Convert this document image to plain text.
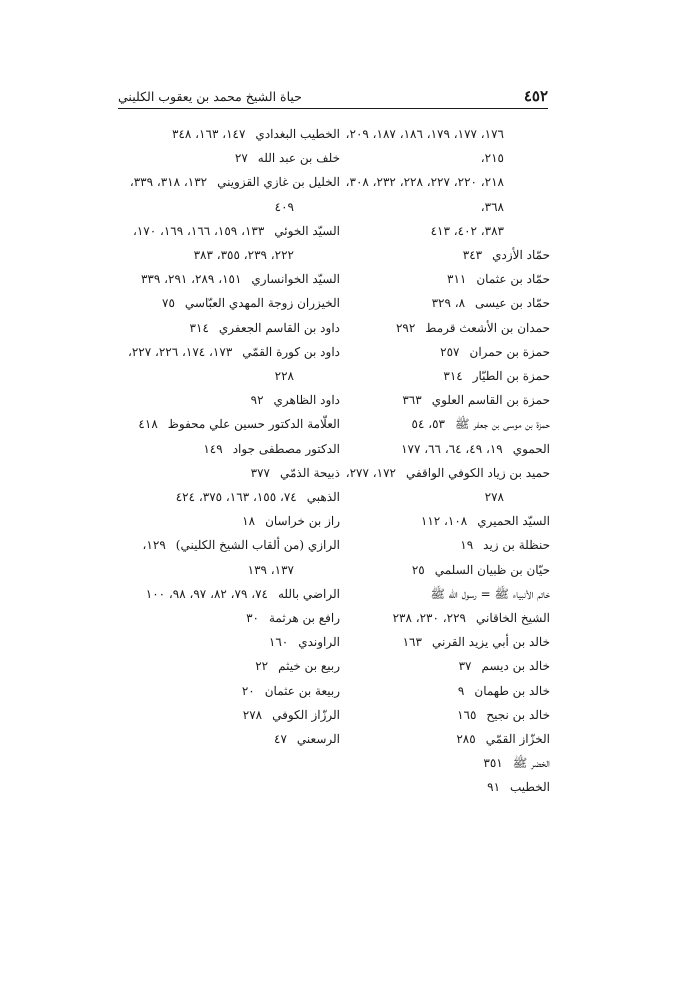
٤٥٢
حياة الشيخ محمد بن يعقوب الكليني
١٧٦، ١٧٧، ١٧٩، ١٨٦، ١٨٧، ٢٠٩، ٢١٥،
٢١٨، ٢٢٠، ٢٢٧، ٢٢٨، ٢٣٢، ٣٠٨، ٣٦٨،
٣٨٣، ٤٠٢، ٤١٣
حمّاد الأزدي٣٤٣
حمّاد بن عثمان٣١١
حمّاد بن عيسى٨، ٣٢٩
حمدان بن الأشعث قرمط٢٩٢
حمزة بن حمران٢٥٧
حمزة بن الطيّار٣١٤
حمزة بن القاسم العلوي٣٦٣
حمزة بن موسى بن جعفر ﷺ٥٣، ٥٤
الحموي١٩، ٤٩، ٦٤، ٦٦، ١٧٧
حميد بن زياد الكوفي الواقفي١٧٢، ٢٧٧،
٢٧٨
السيّد الحميري١٠٨، ١١٢
حنظلة بن زيد١٩
حيّان بن ظبيان السلمي٢٥
خاتم الأنبياء ﷺ = رسول الله ﷺ
الشيخ الخاقاني٢٢٩، ٢٣٠، ٢٣٨
خالد بن أبي يزيد القرني١٦٣
خالد بن ديسم٣٧
خالد بن طهمان٩
خالد بن نجيح١٦٥
الخزّاز القمّي٢٨٥
الخضر ﷺ٣٥١
الخطيب٩١
الخطيب البغدادي١٤٧، ١٦٣، ٣٤٨
خلف بن عبد الله٢٧
الخليل بن غازي القزويني١٣٢، ٣١٨، ٣٣٩،
٤٠٩
السيّد الخوئي١٣٣، ١٥٩، ١٦٦، ١٦٩، ١٧٠،
٢٢٢، ٢٣٩، ٣٥٥، ٣٨٣
السيّد الخوانساري١٥١، ٢٨٩، ٢٩١، ٣٣٩
الخيزران زوجة المهدي العبّاسي٧٥
داود بن القاسم الجعفري٣١٤
داود بن كورة القمّي١٧٣، ١٧٤، ٢٢٦، ٢٢٧،
٢٢٨
داود الظاهري٩٢
العلّامة الدكتور حسين علي محفوظ٤١٨
الدكتور مصطفى جواد١٤٩
ذبيحة الذمّي٣٧٧
الذهبي٧٤، ١٥٥، ١٦٣، ٣٧٥، ٤٢٤
راز بن خراسان١٨
الرازي (من ألقاب الشيخ الكليني)١٢٩،
١٣٧، ١٣٩
الراضي بالله٧٤، ٧٩، ٨٢، ٩٧، ٩٨، ١٠٠
رافع بن هرثمة٣٠
الراوندي١٦٠
ربيع بن خيثم٢٢
ربيعة بن عثمان٢٠
الرزّاز الكوفي٢٧٨
الرسعني٤٧
